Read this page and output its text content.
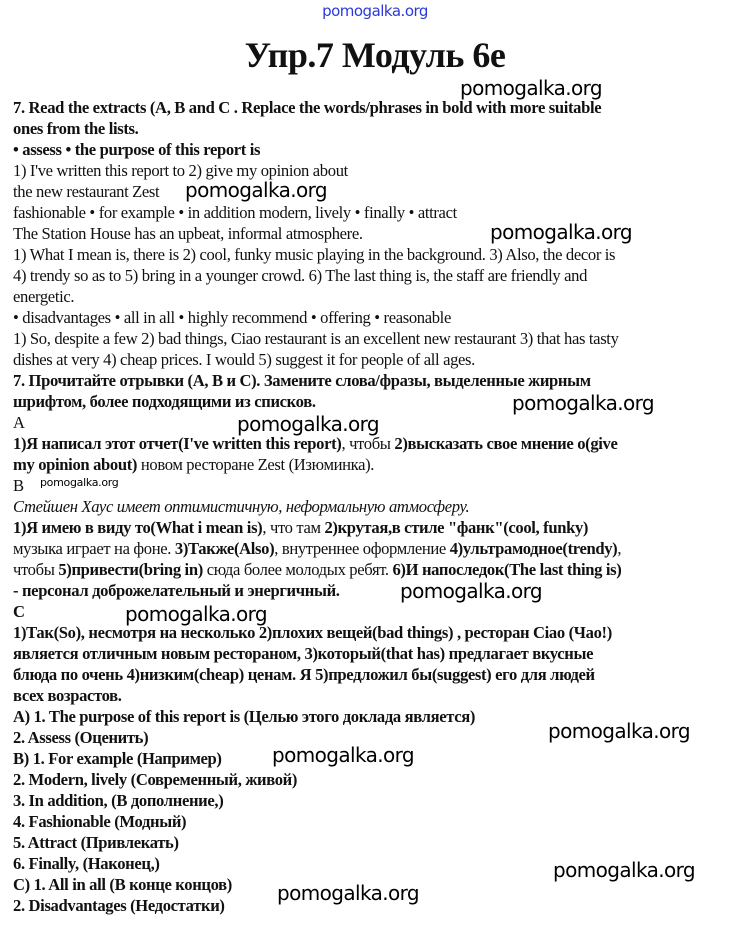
pomogalka.org
Упр.7 Модуль 6е
7. Read the extracts (A, B and C . Replace the words/phrases in bold with more suitable
ones from the lists.
• assess • the purpose of this report is
1) I've written this report to 2) give my opinion about
the new restaurant Zest
fashionable • for example • in addition modern, lively • finally • attract
The Station House has an upbeat, informal atmosphere.
1) What I mean is, there is 2) cool, funky music playing in the background. 3) Also, the decor is
4) trendy so as to 5) bring in a younger crowd. 6) The last thing is, the staff are friendly and
energetic.
• disadvantages • all in all • highly recommend • offering • reasonable
1) So, despite a few 2) bad things, Ciao restaurant is an excellent new restaurant 3) that has tasty
dishes at very 4) cheap prices. I would 5) suggest it for people of all ages.
7. Прочитайте отрывки (А, В и С). Замените слова/фразы, выделенные жирным
шрифтом, более подходящими из списков.
A
1)Я написал этот отчет(I've written this report), чтобы 2)высказать свое мнение о(give
my opinion about) новом ресторане Zest (Изюминка).
B
Стейшен Хаус имеет оптимистичную, неформальную атмосферу.
1)Я имею в виду то(What i mean is), что там 2)крутая,в стиле "фанк"(cool, funky)
музыка играет на фоне. 3)Также(Also), внутреннее оформление 4)ультрамодное(trendy),
чтобы 5)привести(bring in) сюда более молодых ребят. 6)И напоследок(The last thing is)
- персонал доброжелательный и энергичный.
C
1)Так(So), несмотря на несколько 2)плохих вещей(bad things) , ресторан Ciao (Чао!)
является отличным новым рестораном, 3)который(that has) предлагает вкусные
блюда по очень 4)низким(cheap) ценам. Я 5)предложил бы(suggest) его для людей
всех возрастов.
A) 1. The purpose of this report is (Целью этого доклада является)
2. Assess (Оценить)
B) 1. For example (Например)
2. Modern, lively (Современный, живой)
3. In addition, (В дополнение,)
4. Fashionable (Модный)
5. Attract (Привлекать)
6. Finally, (Наконец,)
C) 1. All in all (В конце концов)
2. Disadvantages (Недостатки)
pomogalka.org
pomogalka.org
pomogalka.org
pomogalka.org
pomogalka.org
pomogalka.org
pomogalka.org
pomogalka.org
pomogalka.org
pomogalka.org
pomogalka.org
pomogalka.org
